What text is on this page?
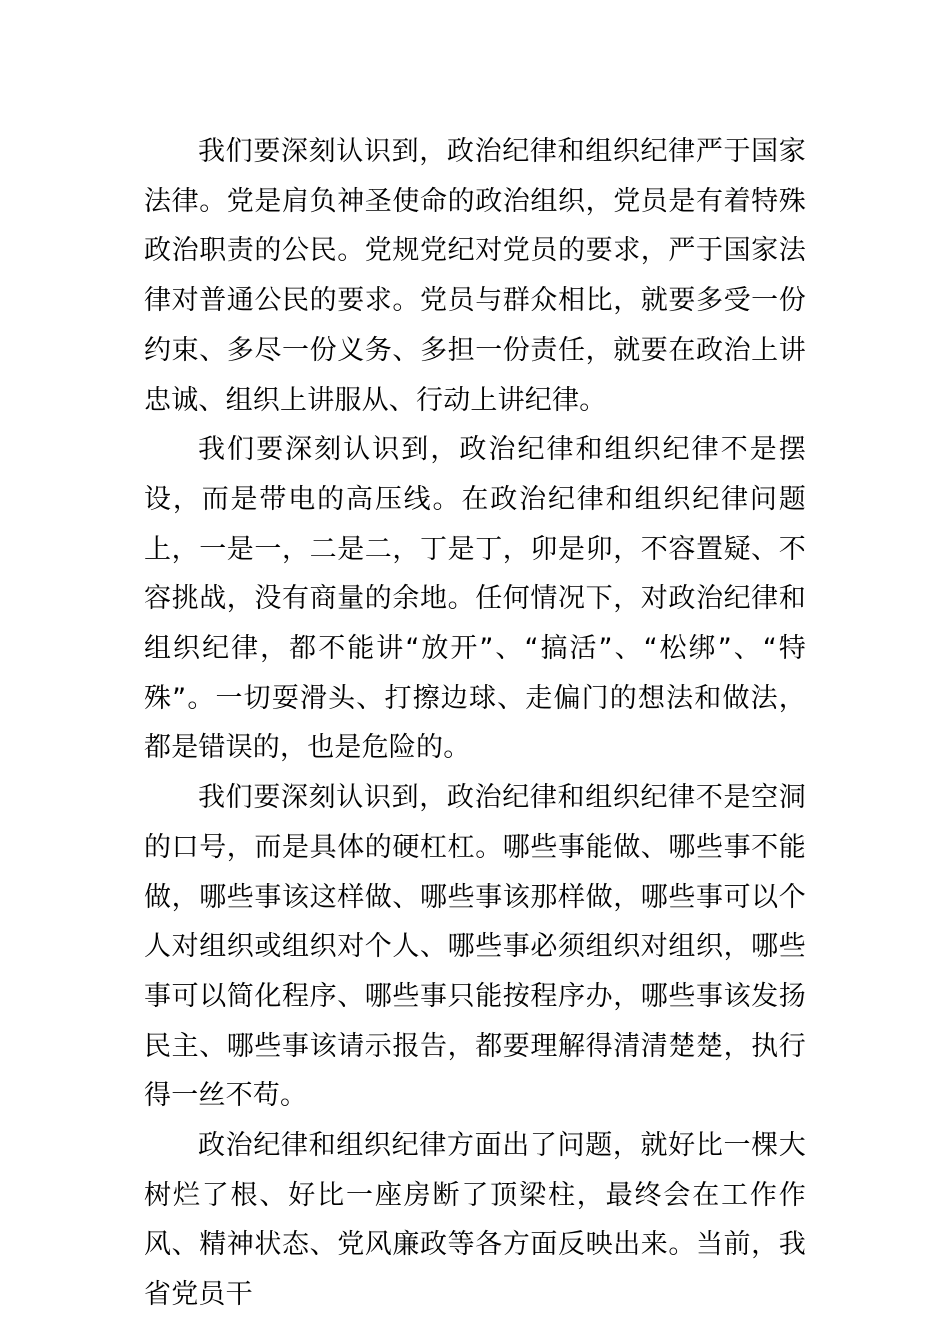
我们要深刻认识到，政治纪律和组织纪律严于国家法律。党是肩负神圣使命的政治组织，党员是有着特殊政治职责的公民。党规党纪对党员的要求，严于国家法律对普通公民的要求。党员与群众相比，就要多受一份约束、多尽一份义务、多担一份责任，就要在政治上讲忠诚、组织上讲服从、行动上讲纪律。

我们要深刻认识到，政治纪律和组织纪律不是摆设，而是带电的高压线。在政治纪律和组织纪律问题上，一是一，二是二，丁是丁，卯是卯，不容置疑、不容挑战，没有商量的余地。任何情况下，对政治纪律和组织纪律，都不能讲“放开”、“搞活”、“松绑”、“特殊”。一切耍滑头、打擦边球、走偏门的想法和做法，都是错误的，也是危险的。

我们要深刻认识到，政治纪律和组织纪律不是空洞的口号，而是具体的硬杠杠。哪些事能做、哪些事不能做，哪些事该这样做、哪些事该那样做，哪些事可以个人对组织或组织对个人、哪些事必须组织对组织，哪些事可以简化程序、哪些事只能按程序办，哪些事该发扬民主、哪些事该请示报告，都要理解得清清楚楚，执行得一丝不苟。

政治纪律和组织纪律方面出了问题，就好比一棵大树烂了根、好比一座房断了顶梁柱，最终会在工作作风、精神状态、党风廉政等各方面反映出来。当前，我省党员干
